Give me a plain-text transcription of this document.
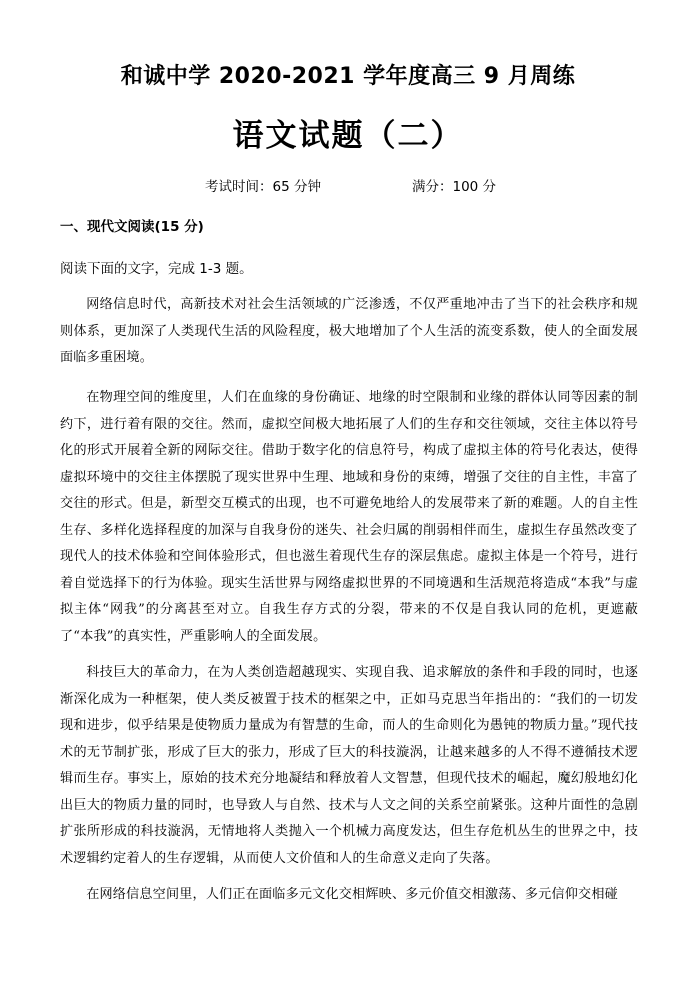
和诚中学 2020-2021 学年度高三 9 月周练
语文试题（二）
考试时间：65 分钟	满分：100 分
一、现代文阅读(15 分)
阅读下面的文字，完成 1-3 题。

网络信息时代，高新技术对社会生活领域的广泛渗透，不仅严重地冲击了当下的社会秩序和规则体系，更加深了人类现代生活的风险程度，极大地增加了个人生活的流变系数，使人的全面发展面临多重困境。

在物理空间的维度里，人们在血缘的身份确证、地缘的时空限制和业缘的群体认同等因素的制约下，进行着有限的交往。然而，虚拟空间极大地拓展了人们的生存和交往领域，交往主体以符号化的形式开展着全新的网际交往。借助于数字化的信息符号，构成了虚拟主体的符号化表达，使得虚拟环境中的交往主体摆脱了现实世界中生理、地域和身份的束缚，增强了交往的自主性，丰富了交往的形式。但是，新型交互模式的出现，也不可避免地给人的发展带来了新的难题。人的自主性生存、多样化选择程度的加深与自我身份的迷失、社会归属的削弱相伴而生，虚拟生存虽然改变了现代人的技术体验和空间体验形式，但也滋生着现代生存的深层焦虑。虚拟主体是一个符号，进行着自觉选择下的行为体验。现实生活世界与网络虚拟世界的不同境遇和生活规范将造成“本我”与虚拟主体“网我”的分离甚至对立。自我生存方式的分裂，带来的不仅是自我认同的危机，更遮蔽了“本我”的真实性，严重影响人的全面发展。

科技巨大的革命力，在为人类创造超越现实、实现自我、追求解放的条件和手段的同时，也逐渐深化成为一种框架，使人类反被置于技术的框架之中，正如马克思当年指出的：“我们的一切发现和进步，似乎结果是使物质力量成为有智慧的生命，而人的生命则化为愚钝的物质力量。”现代技术的无节制扩张，形成了巨大的张力，形成了巨大的科技漩涡，让越来越多的人不得不遵循技术逻辑而生存。事实上，原始的技术充分地凝结和释放着人文智慧，但现代技术的崛起，魔幻般地幻化出巨大的物质力量的同时，也导致人与自然、技术与人文之间的关系空前紧张。这种片面性的急剧扩张所形成的科技漩涡，无情地将人类抛入一个机械力高度发达，但生存危机丛生的世界之中，技术逻辑约定着人的生存逻辑，从而使人文价值和人的生命意义走向了失落。

在网络信息空间里，人们正在面临多元文化交相辉映、多元价值交相激荡、多元信仰交相碰
